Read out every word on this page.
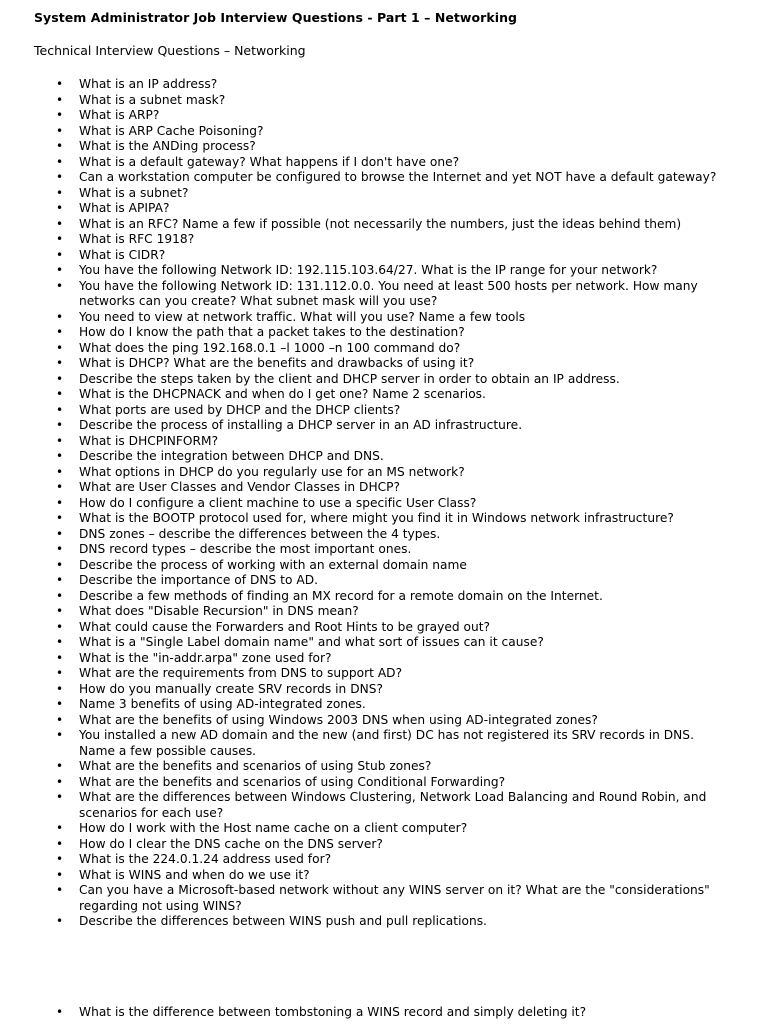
System Administrator Job Interview Questions - Part 1 – Networking
Technical Interview Questions – Networking
• What is an IP address?
• What is a subnet mask?
• What is ARP?
• What is ARP Cache Poisoning?
• What is the ANDing process?
• What is a default gateway? What happens if I don't have one?
• Can a workstation computer be configured to browse the Internet and yet NOT have a default gateway?
• What is a subnet?
• What is APIPA?
• What is an RFC? Name a few if possible (not necessarily the numbers, just the ideas behind them)
• What is RFC 1918?
• What is CIDR?
• You have the following Network ID: 192.115.103.64/27. What is the IP range for your network?
• You have the following Network ID: 131.112.0.0. You need at least 500 hosts per network. How many networks can you create? What subnet mask will you use?
• You need to view at network traffic. What will you use? Name a few tools
• How do I know the path that a packet takes to the destination?
• What does the ping 192.168.0.1 –l 1000 –n 100 command do?
• What is DHCP? What are the benefits and drawbacks of using it?
• Describe the steps taken by the client and DHCP server in order to obtain an IP address.
• What is the DHCPNACK and when do I get one? Name 2 scenarios.
• What ports are used by DHCP and the DHCP clients?
• Describe the process of installing a DHCP server in an AD infrastructure.
• What is DHCPINFORM?
• Describe the integration between DHCP and DNS.
• What options in DHCP do you regularly use for an MS network?
• What are User Classes and Vendor Classes in DHCP?
• How do I configure a client machine to use a specific User Class?
• What is the BOOTP protocol used for, where might you find it in Windows network infrastructure?
• DNS zones – describe the differences between the 4 types.
• DNS record types – describe the most important ones.
• Describe the process of working with an external domain name
• Describe the importance of DNS to AD.
• Describe a few methods of finding an MX record for a remote domain on the Internet.
• What does "Disable Recursion" in DNS mean?
• What could cause the Forwarders and Root Hints to be grayed out?
• What is a "Single Label domain name" and what sort of issues can it cause?
• What is the "in-addr.arpa" zone used for?
• What are the requirements from DNS to support AD?
• How do you manually create SRV records in DNS?
• Name 3 benefits of using AD-integrated zones.
• What are the benefits of using Windows 2003 DNS when using AD-integrated zones?
• You installed a new AD domain and the new (and first) DC has not registered its SRV records in DNS. Name a few possible causes.
• What are the benefits and scenarios of using Stub zones?
• What are the benefits and scenarios of using Conditional Forwarding?
• What are the differences between Windows Clustering, Network Load Balancing and Round Robin, and scenarios for each use?
• How do I work with the Host name cache on a client computer?
• How do I clear the DNS cache on the DNS server?
• What is the 224.0.1.24 address used for?
• What is WINS and when do we use it?
• Can you have a Microsoft-based network without any WINS server on it? What are the "considerations" regarding not using WINS?
• Describe the differences between WINS push and pull replications.
• What is the difference between tombstoning a WINS record and simply deleting it?
